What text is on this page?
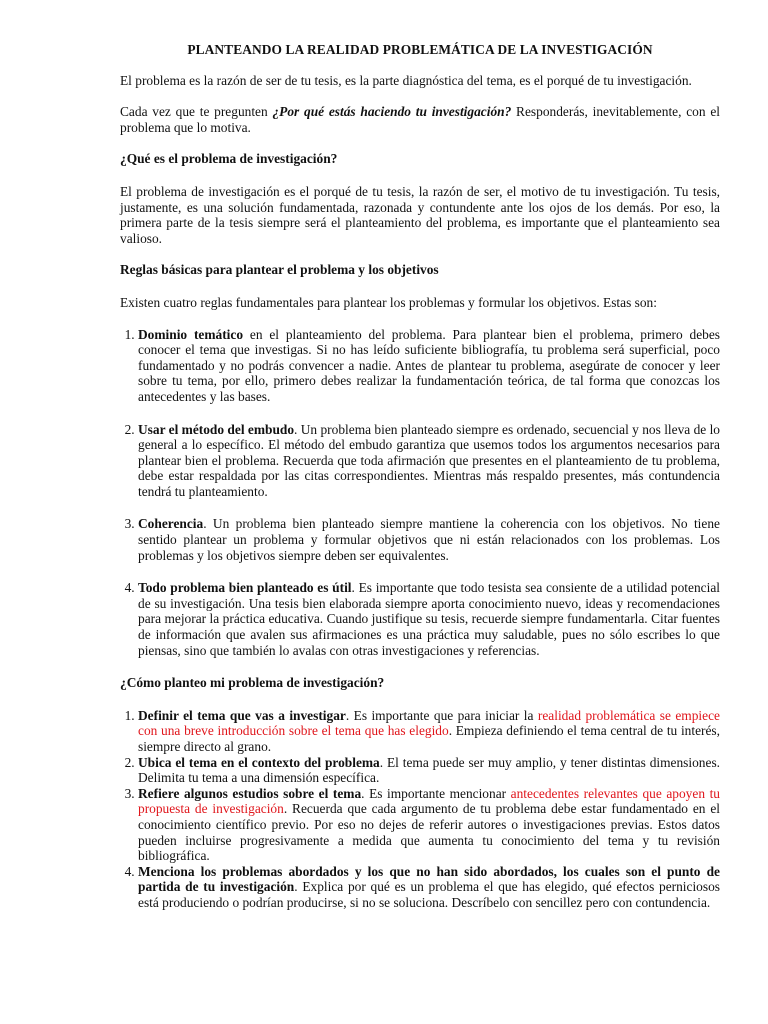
PLANTEANDO LA REALIDAD PROBLEMÁTICA DE LA INVESTIGACIÓN

El problema es la razón de ser de tu tesis, es la parte diagnóstica del tema, es el porqué de tu investigación.

Cada vez que te pregunten ¿Por qué estás haciendo tu investigación? Responderás, inevitablemente, con el problema que lo motiva.

¿Qué es el problema de investigación?

El problema de investigación es el porqué de tu tesis, la razón de ser, el motivo de tu investigación. Tu tesis, justamente, es una solución fundamentada, razonada y contundente ante los ojos de los demás. Por eso, la primera parte de la tesis siempre será el planteamiento del problema, es importante que el planteamiento sea valioso.

Reglas básicas para plantear el problema y los objetivos

Existen cuatro reglas fundamentales para plantear los problemas y formular los objetivos. Estas son:

1. Dominio temático en el planteamiento del problema. Para plantear bien el problema, primero debes conocer el tema que investigas. Si no has leído suficiente bibliografía, tu problema será superficial, poco fundamentado y no podrás convencer a nadie. Antes de plantear tu problema, asegúrate de conocer y leer sobre tu tema, por ello, primero debes realizar la fundamentación teórica, de tal forma que conozcas los antecedentes y las bases.
2. Usar el método del embudo. Un problema bien planteado siempre es ordenado, secuencial y nos lleva de lo general a lo específico. El método del embudo garantiza que usemos todos los argumentos necesarios para plantear bien el problema. Recuerda que toda afirmación que presentes en el planteamiento de tu problema, debe estar respaldada por las citas correspondientes. Mientras más respaldo presentes, más contundencia tendrá tu planteamiento.
3. Coherencia. Un problema bien planteado siempre mantiene la coherencia con los objetivos. No tiene sentido plantear un problema y formular objetivos que ni están relacionados con los problemas. Los problemas y los objetivos siempre deben ser equivalentes.
4. Todo problema bien planteado es útil. Es importante que todo tesista sea consiente de a utilidad potencial de su investigación. Una tesis bien elaborada siempre aporta conocimiento nuevo, ideas y recomendaciones para mejorar la práctica educativa. Cuando justifique su tesis, recuerde siempre fundamentarla. Citar fuentes de información que avalen sus afirmaciones es una práctica muy saludable, pues no sólo escribes lo que piensas, sino que también lo avalas con otras investigaciones y referencias.
¿Cómo planteo mi problema de investigación?
1. Definir el tema que vas a investigar. Es importante que para iniciar la realidad problemática se empiece con una breve introducción sobre el tema que has elegido. Empieza definiendo el tema central de tu interés, siempre directo al grano.
2. Ubica el tema en el contexto del problema. El tema puede ser muy amplio, y tener distintas dimensiones. Delimita tu tema a una dimensión específica.
3. Refiere algunos estudios sobre el tema. Es importante mencionar antecedentes relevantes que apoyen tu propuesta de investigación. Recuerda que cada argumento de tu problema debe estar fundamentado en el conocimiento científico previo. Por eso no dejes de referir autores o investigaciones previas. Estos datos pueden incluirse progresivamente a medida que aumenta tu conocimiento del tema y tu revisión bibliográfica.
4. Menciona los problemas abordados y los que no han sido abordados, los cuales son el punto de partida de tu investigación. Explica por qué es un problema el que has elegido, qué efectos perniciosos está produciendo o podrían producirse, si no se soluciona. Descríbelo con sencillez pero con contundencia.
